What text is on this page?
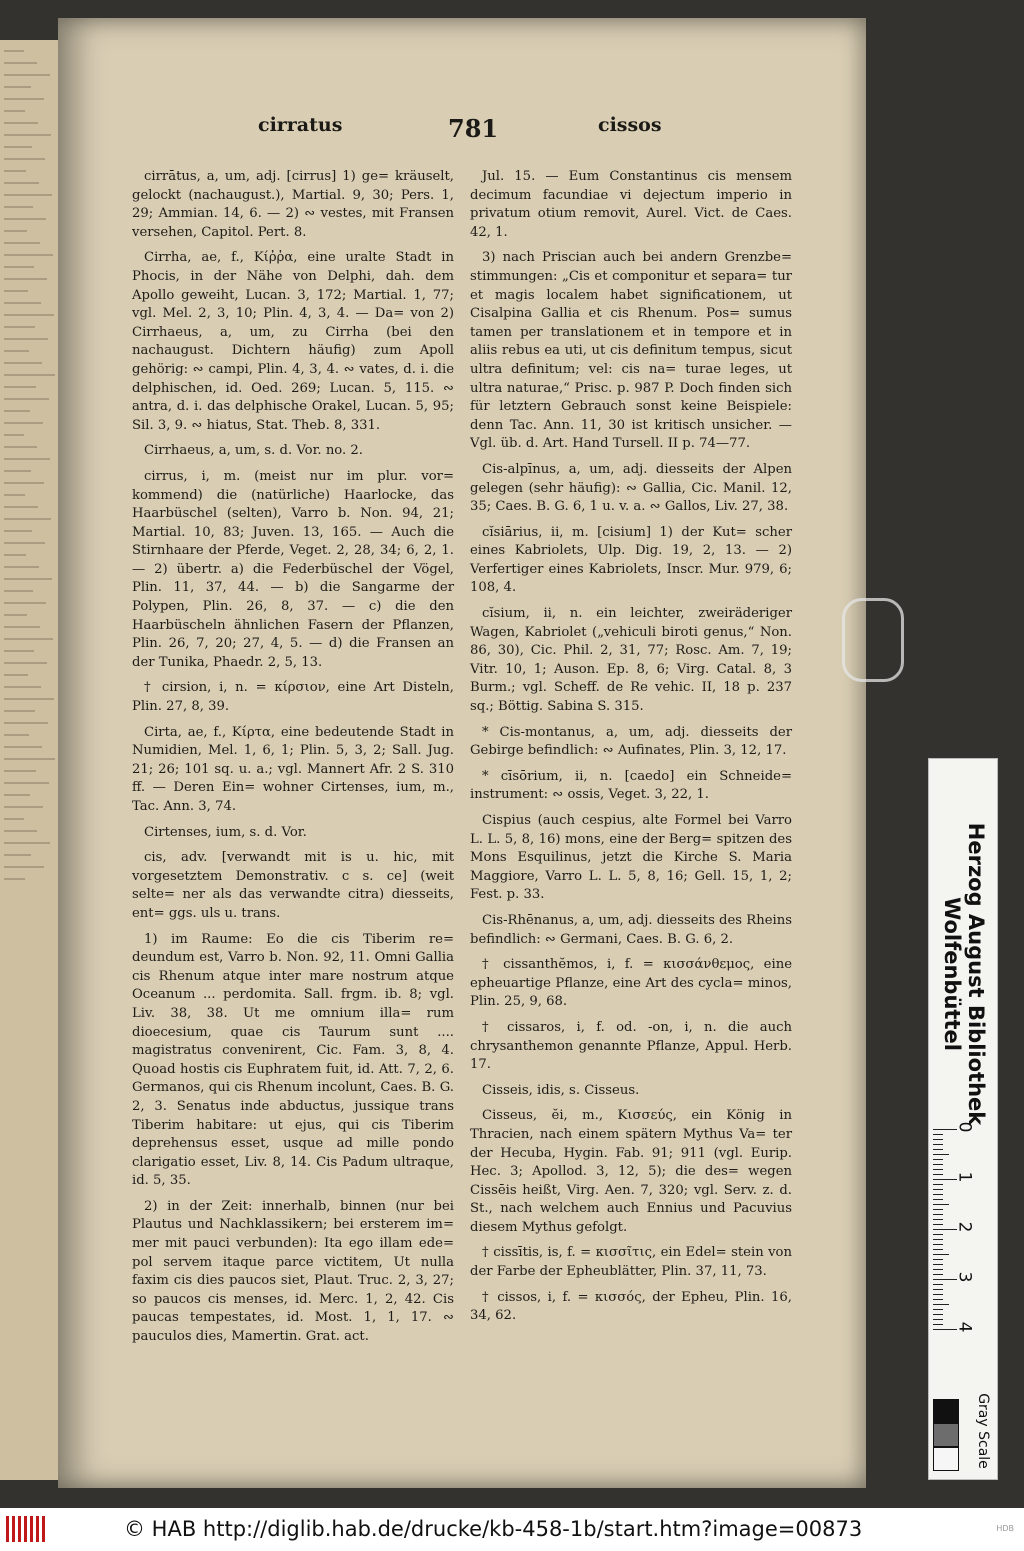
cirratus	781	cissos

cirrātus, a, um, adj. [cirrus] 1) ge= kräuselt, gelockt (nachaugust.), Martial. 9, 30; Pers. 1, 29; Ammian. 14, 6. — 2) ∾ vestes, mit Fransen versehen, Capitol. Pert. 8.

Cirrha, ae, f., Κίῤῥα, eine uralte Stadt in Phocis, in der Nähe von Delphi, dah. dem Apollo geweiht, Lucan. 3, 172; Martial. 1, 77; vgl. Mel. 2, 3, 10; Plin. 4, 3, 4. — Da= von 2) Cirrhaeus, a, um, zu Cirrha (bei den nachaugust. Dichtern häufig) zum Apoll gehörig: ∾ campi, Plin. 4, 3, 4. ∾ vates, d. i. die delphischen, id. Oed. 269; Lucan. 5, 115. ∾ antra, d. i. das delphische Orakel, Lucan. 5, 95; Sil. 3, 9. ∾ hiatus, Stat. Theb. 8, 331.

Cirrhaeus, a, um, s. d. Vor. no. 2.

cirrus, i, m. (meist nur im plur. vor= kommend) die (natürliche) Haarlocke, das Haarbüschel (selten), Varro b. Non. 94, 21; Martial. 10, 83; Juven. 13, 165. — Auch die Stirnhaare der Pferde, Veget. 2, 28, 34; 6, 2, 1. — 2) übertr. a) die Federbüschel der Vögel, Plin. 11, 37, 44. — b) die Sangarme der Polypen, Plin. 26, 8, 37. — c) die den Haarbüscheln ähnlichen Fasern der Pflanzen, Plin. 26, 7, 20; 27, 4, 5. — d) die Fransen an der Tunika, Phaedr. 2, 5, 13.

† cirsion, i, n. = κίρσιον, eine Art Disteln, Plin. 27, 8, 39.

Cirta, ae, f., Κίρτα, eine bedeutende Stadt in Numidien, Mel. 1, 6, 1; Plin. 5, 3, 2; Sall. Jug. 21; 26; 101 sq. u. a.; vgl. Mannert Afr. 2 S. 310 ff. — Deren Ein= wohner Cirtenses, ium, m., Tac. Ann. 3, 74.

Cirtenses, ium, s. d. Vor.

cis, adv. [verwandt mit is u. hic, mit vorgesetztem Demonstrativ. c s. ce] (weit selte= ner als das verwandte citra) diesseits, ent= ggs. uls u. trans.

1) im Raume: Eo die cis Tiberim re= deundum est, Varro b. Non. 92, 11. Omni Gallia cis Rhenum atque inter mare nostrum atque Oceanum ... perdomita. Sall. frgm. ib. 8; vgl. Liv. 38, 38. Ut me omnium illa= rum dioecesium, quae cis Taurum sunt .... magistratus convenirent, Cic. Fam. 3, 8, 4. Quoad hostis cis Euphratem fuit, id. Att. 7, 2, 6. Germanos, qui cis Rhenum incolunt, Caes. B. G. 2, 3. Senatus inde abductus, jussique trans Tiberim habitare: ut ejus, qui cis Tiberim deprehensus esset, usque ad mille pondo clarigatio esset, Liv. 8, 14. Cis Padum ultraque, id. 5, 35.

2) in der Zeit: innerhalb, binnen (nur bei Plautus und Nachklassikern; bei ersterem im= mer mit pauci verbunden): Ita ego illam ede= pol servem itaque parce victitem, Ut nulla faxim cis dies paucos siet, Plaut. Truc. 2, 3, 27; so paucos cis menses, id. Merc. 1, 2, 42. Cis paucas tempestates, id. Most. 1, 1, 17. ∾ pauculos dies, Mamertin. Grat. act.

Jul. 15. — Eum Constantinus cis mensem decimum facundiae vi dejectum imperio in privatum otium removit, Aurel. Vict. de Caes. 42, 1.

3) nach Priscian auch bei andern Grenzbe= stimmungen: „Cis et componitur et separa= tur et magis localem habet significationem, ut Cisalpina Gallia et cis Rhenum. Pos= sumus tamen per translationem et in tempore et in aliis rebus ea uti, ut cis definitum tempus, sicut ultra definitum; vel: cis na= turae leges, ut ultra naturae,“ Prisc. p. 987 P. Doch finden sich für letztern Gebrauch sonst keine Beispiele: denn Tac. Ann. 11, 30 ist kritisch unsicher. — Vgl. üb. d. Art. Hand Tursell. II p. 74—77.

Cis-alpīnus, a, um, adj. diesseits der Alpen gelegen (sehr häufig): ∾ Gallia, Cic. Manil. 12, 35; Caes. B. G. 6, 1 u. v. a. ∾ Gallos, Liv. 27, 38.

cĭsiārius, ii, m. [cisium] 1) der Kut= scher eines Kabriolets, Ulp. Dig. 19, 2, 13. — 2) Verfertiger eines Kabriolets, Inscr. Mur. 979, 6; 108, 4.

cĭsium, ii, n. ein leichter, zweiräderiger Wagen, Kabriolet („vehiculi biroti genus,“ Non. 86, 30), Cic. Phil. 2, 31, 77; Rosc. Am. 7, 19; Vitr. 10, 1; Auson. Ep. 8, 6; Virg. Catal. 8, 3 Burm.; vgl. Scheff. de Re vehic. II, 18 p. 237 sq.; Böttig. Sabina S. 315.

* Cis-montanus, a, um, adj. diesseits der Gebirge befindlich: ∾ Aufinates, Plin. 3, 12, 17.

* cīsōrium, ii, n. [caedo] ein Schneide= instrument: ∾ ossis, Veget. 3, 22, 1.

Cispius (auch cespius, alte Formel bei Varro L. L. 5, 8, 16) mons, eine der Berg= spitzen des Mons Esquilinus, jetzt die Kirche S. Maria Maggiore, Varro L. L. 5, 8, 16; Gell. 15, 1, 2; Fest. p. 33.

Cis-Rhēnanus, a, um, adj. diesseits des Rheins befindlich: ∾ Germani, Caes. B. G. 6, 2.

† cissanthĕmos, i, f. = κισσάνθεμος, eine epheuartige Pflanze, eine Art des cycla= minos, Plin. 25, 9, 68.

† cissaros, i, f. od. -on, i, n. die auch chrysanthemon genannte Pflanze, Appul. Herb. 17.

Cisseis, idis, s. Cisseus.

Cisseus, ĕi, m., Κισσεύς, ein König in Thracien, nach einem spätern Mythus Va= ter der Hecuba, Hygin. Fab. 91; 911 (vgl. Eurip. Hec. 3; Apollod. 3, 12, 5); die des= wegen Cissēis heißt, Virg. Aen. 7, 320; vgl. Serv. z. d. St., nach welchem auch Ennius und Pacuvius diesem Mythus gefolgt.

† cissītis, is, f. = κισσῖτις, ein Edel= stein von der Farbe der Epheublätter, Plin. 37, 11, 73.

† cissos, i, f. = κισσός, der Epheu, Plin. 16, 34, 62.

Herzog August Bibliothek Wolfenbüttel
0
1
2
3
4
Gray Scale
© HAB http://diglib.hab.de/drucke/kb-458-1b/start.htm?image=00873	HDB
